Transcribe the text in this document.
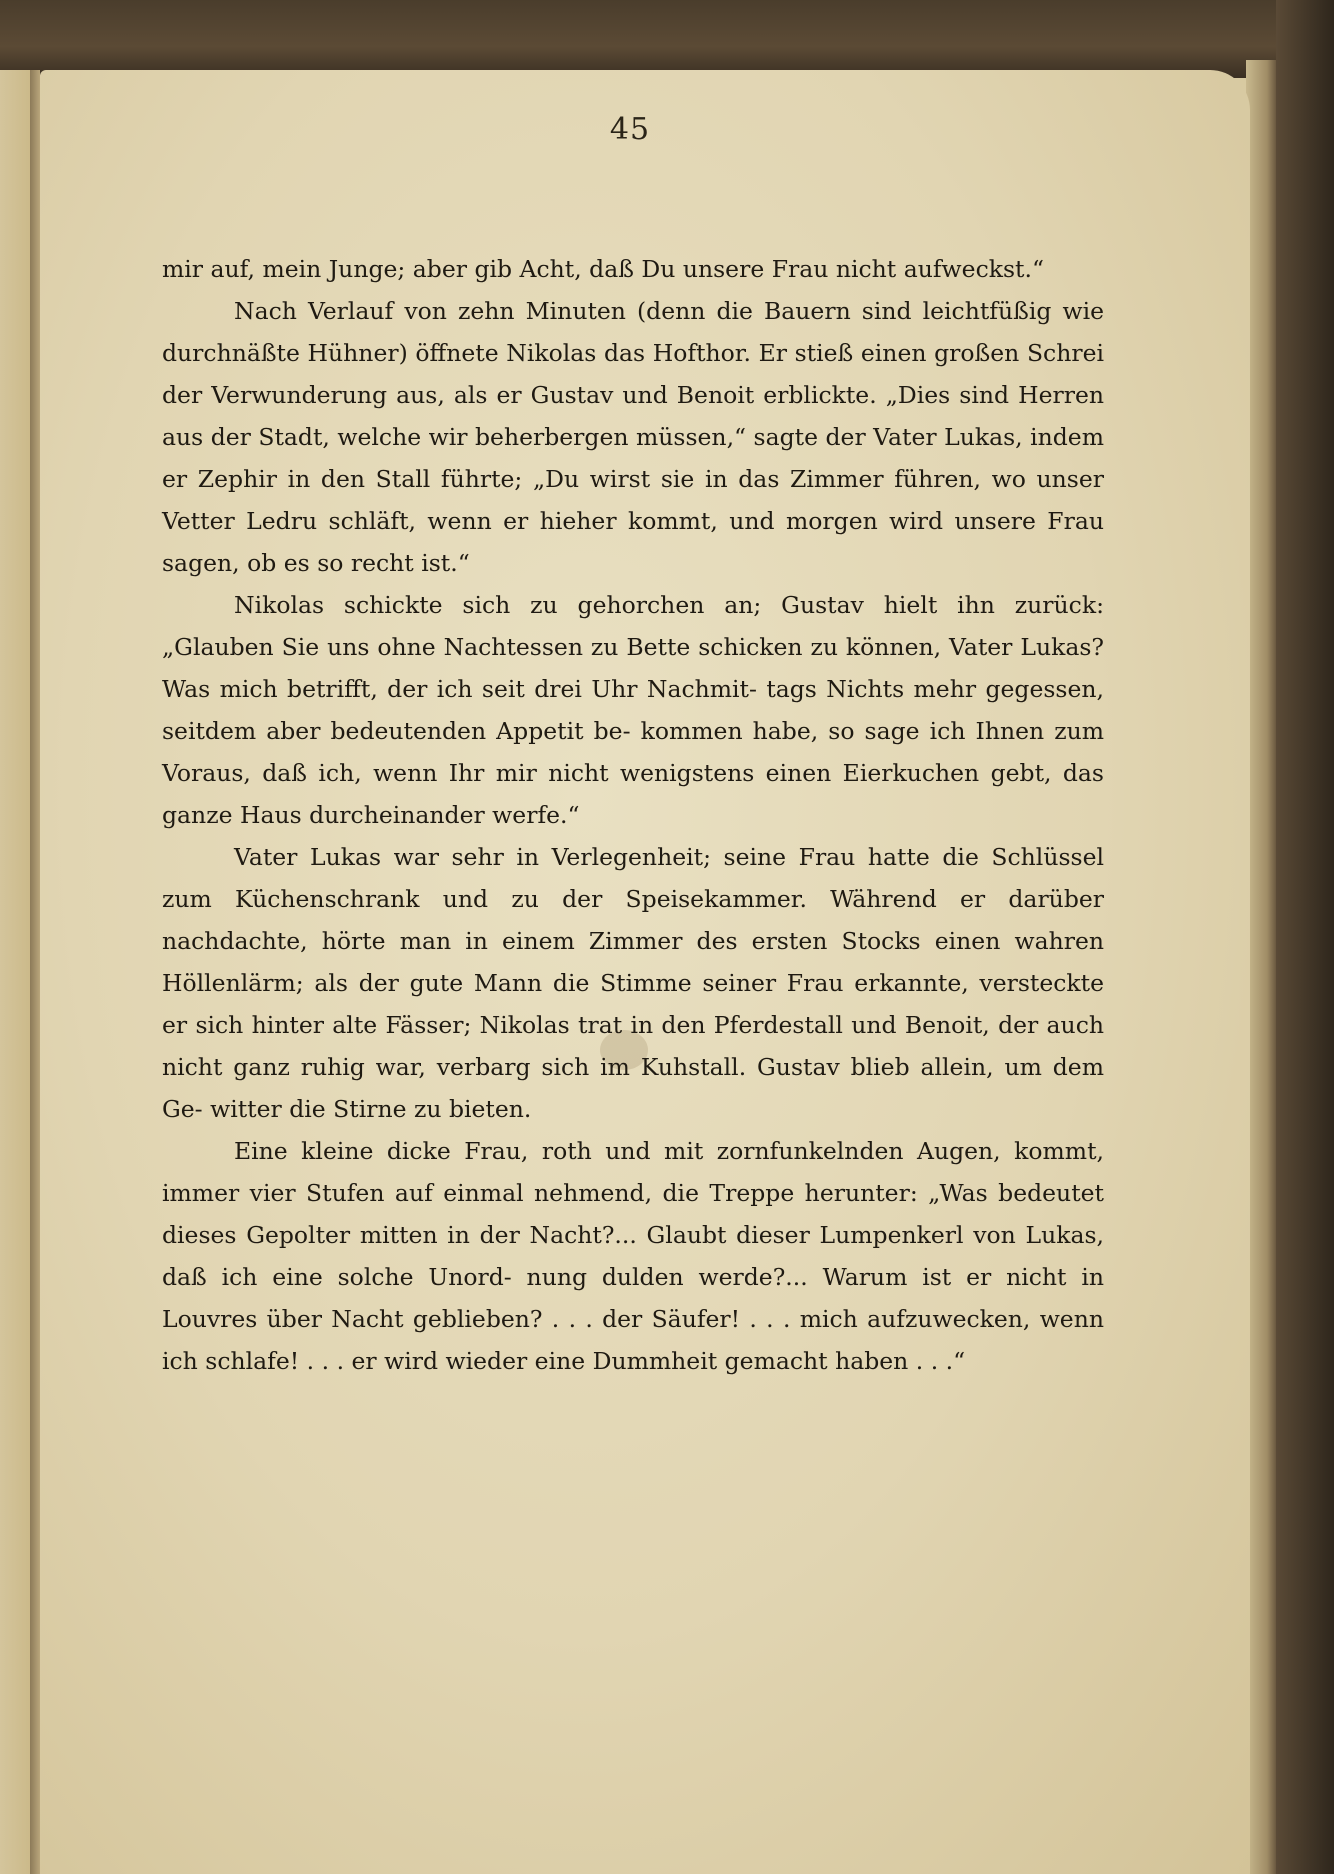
45

mir auf, mein Junge; aber gib Acht, daß Du unsere Frau nicht aufweckst.“

Nach Verlauf von zehn Minuten (denn die Bauern sind leichtfüßig wie durchnäßte Hühner) öffnete Nikolas das Hofthor. Er stieß einen großen Schrei der Verwunderung aus, als er Gustav und Benoit erblickte. „Dies sind Herren aus der Stadt, welche wir beherbergen müssen,“ sagte der Vater Lukas, indem er Zephir in den Stall führte; „Du wirst sie in das Zimmer führen, wo unser Vetter Ledru schläft, wenn er hieher kommt, und morgen wird unsere Frau sagen, ob es so recht ist.“

Nikolas schickte sich zu gehorchen an; Gustav hielt ihn zurück: „Glauben Sie uns ohne Nachtessen zu Bette schicken zu können, Vater Lukas? Was mich betrifft, der ich seit drei Uhr Nachmit- tags Nichts mehr gegessen, seitdem aber bedeutenden Appetit be- kommen habe, so sage ich Ihnen zum Voraus, daß ich, wenn Ihr mir nicht wenigstens einen Eierkuchen gebt, das ganze Haus durcheinander werfe.“

Vater Lukas war sehr in Verlegenheit; seine Frau hatte die Schlüssel zum Küchenschrank und zu der Speisekammer. Während er darüber nachdachte, hörte man in einem Zimmer des ersten Stocks einen wahren Höllenlärm; als der gute Mann die Stimme seiner Frau erkannte, versteckte er sich hinter alte Fässer; Nikolas trat in den Pferdestall und Benoit, der auch nicht ganz ruhig war, verbarg sich im Kuhstall. Gustav blieb allein, um dem Ge- witter die Stirne zu bieten.

Eine kleine dicke Frau, roth und mit zornfunkelnden Augen, kommt, immer vier Stufen auf einmal nehmend, die Treppe herunter: „Was bedeutet dieses Gepolter mitten in der Nacht?... Glaubt dieser Lumpenkerl von Lukas, daß ich eine solche Unord- nung dulden werde?... Warum ist er nicht in Louvres über Nacht geblieben? . . . der Säufer! . . . mich aufzuwecken, wenn ich schlafe! . . . er wird wieder eine Dummheit gemacht haben . . .“
